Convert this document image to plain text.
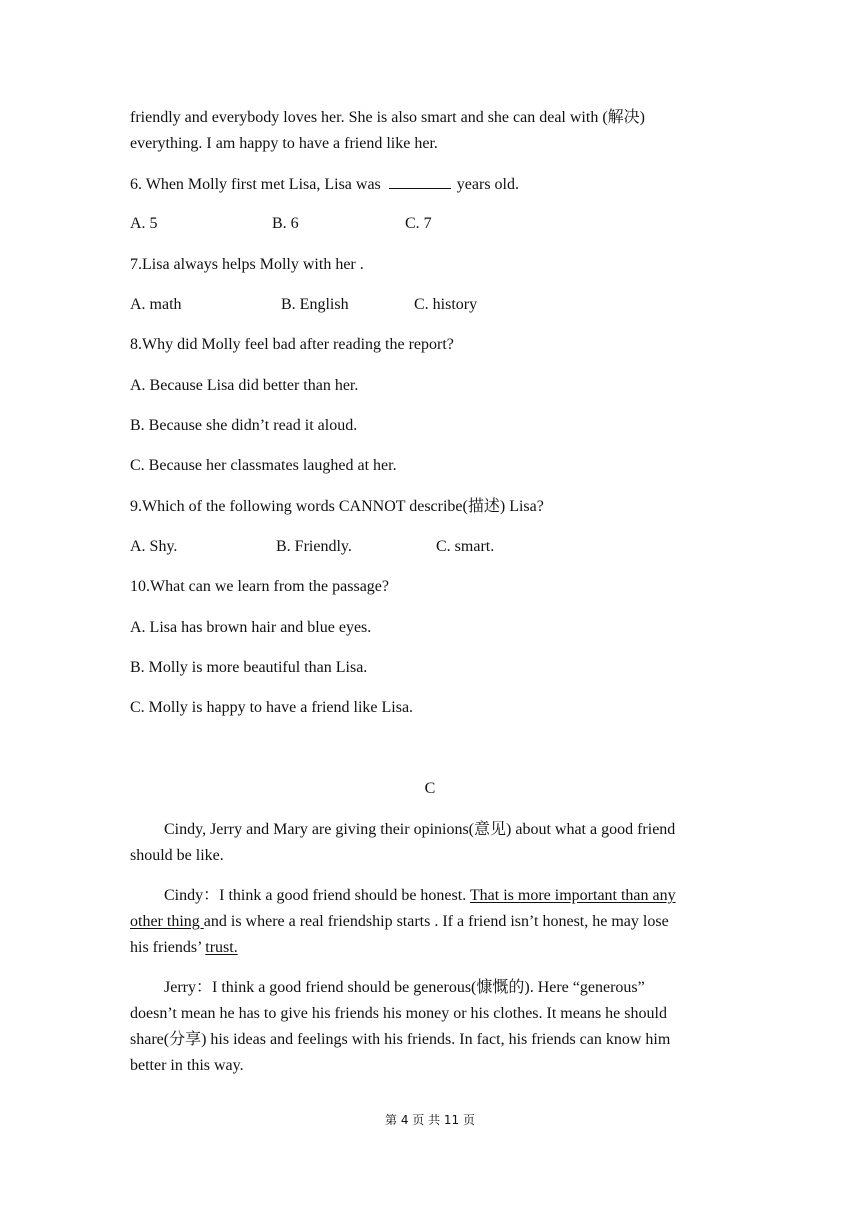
friendly and everybody loves her. She is also smart and she can deal with (解决)
everything. I am happy to have a friend like her.
6. When Molly first met Lisa, Lisa was	years old.
A. 5	B. 6	C. 7
7.Lisa always helps Molly with her .
A. math	B. English	C. history
8.Why did Molly feel bad after reading the report?
A. Because Lisa did better than her.
B. Because she didn’t read it aloud.
C. Because her classmates laughed at her.
9.Which of the following words CANNOT describe(描述) Lisa?
A. Shy.	B. Friendly.	C. smart.
10.What can we learn from the passage?
A. Lisa has brown hair and blue eyes.
B. Molly is more beautiful than Lisa.
C. Molly is happy to have a friend like Lisa.
C
Cindy, Jerry and Mary are giving their opinions(意见) about what a good friend
should be like.
Cindy：I think a good friend should be honest. That is more important than any
other thing and is where a real friendship starts . If a friend isn’t honest, he may lose
his friends’ trust.
Jerry：I think a good friend should be generous(慷慨的). Here “generous”
doesn’t mean he has to give his friends his money or his clothes. It means he should
share(分享) his ideas and feelings with his friends. In fact, his friends can know him
better in this way.
第 4 页 共 11 页
